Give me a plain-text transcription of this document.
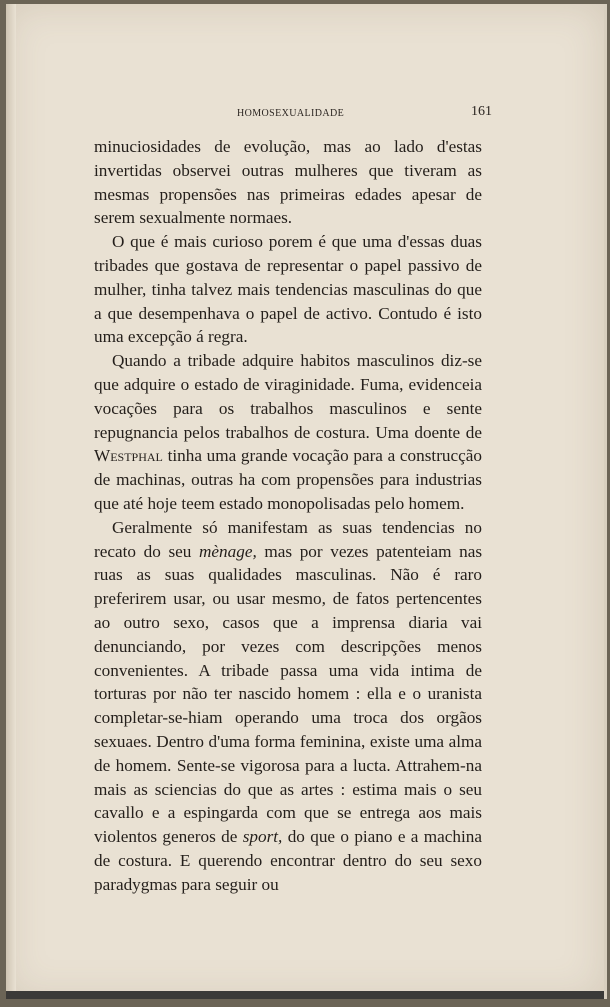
HOMOSEXUALIDADE	161

minuciosidades de evolução, mas ao lado d'estas invertidas observei outras mulheres que tiveram as mesmas propensões nas primeiras edades apesar de serem sexualmente normaes.

O que é mais curioso porem é que uma d'essas duas tribades que gostava de representar o papel passivo de mulher, tinha talvez mais tendencias masculinas do que a que desempenhava o papel de activo. Contudo é isto uma excepção á regra.

Quando a tribade adquire habitos masculinos diz-se que adquire o estado de viraginidade. Fuma, evidenceia vocações para os trabalhos masculinos e sente repugnancia pelos trabalhos de costura. Uma doente de Westphal tinha uma grande vocação para a construcção de machinas, outras ha com propensões para industrias que até hoje teem estado monopolisadas pelo homem.

Geralmente só manifestam as suas tendencias no recato do seu mènage, mas por vezes patenteiam nas ruas as suas qualidades masculinas. Não é raro preferirem usar, ou usar mesmo, de fatos pertencentes ao outro sexo, casos que a imprensa diaria vai denunciando, por vezes com descripções menos convenientes. A tribade passa uma vida intima de torturas por não ter nascido homem : ella e o uranista completar-se-hiam operando uma troca dos orgãos sexuaes. Dentro d'uma forma feminina, existe uma alma de homem. Sente-se vigorosa para a lucta. Attrahem-na mais as sciencias do que as artes : estima mais o seu cavallo e a espingarda com que se entrega aos mais violentos generos de sport, do que o piano e a machina de costura. E querendo encontrar dentro do seu sexo paradygmas para seguir ou
